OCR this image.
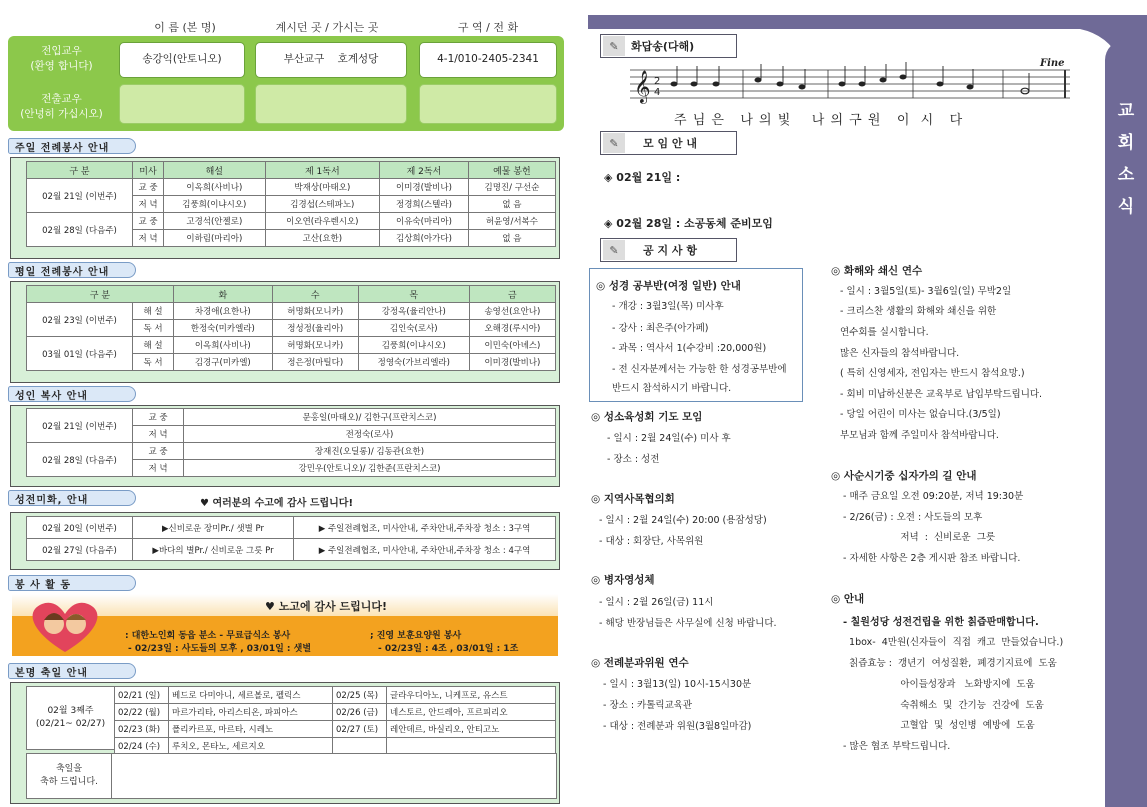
이 름 (본 명)	계시던 곳 / 가시는 곳	구 역 / 전 화
전입교우
(환영 합니다)
송강익(안토니오)	부산교구    호계성당	4-1/010-2405-2341
전출교우
(안녕히 가십시오)
주일 전례봉사 안내
구 분	미사	해설	제 1독서	제 2독서	예물 봉헌
02월 21일 (이번주)	교 중	이옥희(사비나)	박재상(마태오)	이미경(발비나)	김명진/ 구선순
	저 녁	김풍희(이냐시오)	김경섭(스테파노)	정경희(스텔라)	없 음
02월 28일 (다음주)	교 중	고경석(안젤로)	이오연(라우렌시오)	이유숙(마리아)	허윤영/서복수
	저 녁	이하림(마리아)	고산(요한)	김상희(아가다)	없 음
평일 전례봉사 안내
구 분		화	수	목	금
02월 23일 (이번주)	해 설	차경애(요한나)	허명화(모니카)	강정옥(율리안나)	송영선(요안나)
	독 서	한정숙(미카엘라)	정성정(율리아)	김인숙(로사)	오해경(루시아)
03월 01일 (다음주)	해 설	이옥희(사비나)	허명화(모니카)	김풍희(이냐시오)	이민숙(아녜스)
	독 서	김경구(미카엘)	정은정(마틸다)	정영숙(가브리엘라)	이미경(발비나)
성인 복사 안내
02월 21일 (이번주)	교 중	문홍일(마태오)/ 김한구(프란치스코)
	저 녁	전정숙(로사)
02월 28일 (다음주)	교 중	장재진(오딜롱)/ 김동관(요한)
	저 녁	강민우(안토니오)/ 김한준(프란치스코)
성전미화, 안내	♥ 여러분의 수고에 감사 드립니다!
02월 20일 (이번주)	▶신비로운 장미Pr./ 샛별 Pr	▶ 주일전례협조, 미사안내, 주차안내,주차장 청소 : 3구역
02월 27일 (다음주)	▶바다의 별Pr./ 신비로운 그릇 Pr	▶ 주일전례협조, 미사안내, 주차안내,주차장 청소 : 4구역
봉 사 활 동
♥ 노고에 감사 드립니다!
: 대한노인회 동읍 분소 - 무료급식소 봉사	; 진영 보훈요양원 봉사
- 02/23일 : 사도들의 모후 , 03/01일 : 샛별	- 02/23일 : 4조 , 03/01일 : 1조
본명 축일 안내
02월 3째주
(02/21~ 02/27)
02/21 (일)	베드로 다미아니, 세르볼로, 펠릭스	02/25 (목)	글라우디아노, 니케프로, 유스트
02/22 (월)	마르가리타, 아리스티온, 파피아스	02/26 (금)	네스토르, 안드레아, 프르피리오
02/23 (화)	폴리카르포, 마르타, 시레노	02/27 (토)	레안데르, 바실리오, 안티고노
02/24 (수)	루치오, 몬타노, 세르지오		
축일을
축하 드립니다.
교
회
소
식
✎	화답송(다해)
𝄞 2
4
Fine
주 님 은   나 의 빛    나 의 구 원   이  시   다
✎	모 임 안 내
◈ 02월 21일 :
◈ 02월 28일 : 소공동체 준비모임
✎	공 지 사 항
◎ 성경 공부반(여정 일반) 안내
- 개강 : 3월3일(목) 미사후
- 강사 : 최은주(아가페)
- 과목 : 역사서 1(수강비 :20,000원)
- 전 신자분께서는 가능한 한 성경공부반에
반드시 참석하시기 바랍니다.
◎ 성소육성회 기도 모임
- 일시 : 2월 24일(수) 미사 후
- 장소 : 성전
◎ 지역사목협의회
- 일시 : 2월 24일(수) 20:00 (용잠성당)
- 대상 : 회장단, 사목위원
◎ 병자영성체
- 일시 : 2월 26일(금) 11시
- 해당 반장님들은 사무실에 신청 바랍니다.
◎ 전례분과위원 연수
- 일시 : 3월13(일) 10시-15시30분
- 장소 : 카톨릭교육관
- 대상 : 전례분과 위원(3월8일마감)
◎ 화해와 쇄신 연수
- 일시 : 3월5일(토)- 3월6일(일) 무박2일
- 크리스찬 생활의 화해와 쇄신을 위한
연수회를 실시합니다.
많은 신자들의 참석바랍니다.
( 특히 신영세자, 전입자는 반드시 참석요망.)
- 회비 미납하신분은 교육부로 납입부탁드립니다.
- 당일 어린이 미사는 없습니다.(3/5일)
부모님과 함께 주일미사 참석바랍니다.
◎ 사순시기중 십자가의 길 안내
- 매주 금요일 오전 09:20분, 저녁 19:30분
- 2/26(금) : 오전 : 사도들의 모후
저녁  :  신비로운  그릇
- 자세한 사항은 2층 게시판 참조 바랍니다.
◎ 안내
- 칠원성당 성전건립을 위한 칡즙판매합니다.
1box-  4만원(신자들이  직접  캐고  만들었습니다.)
칡즙효능 :  갱년기  여성질환,  폐경기지료에  도움
아이들성장과   노화방지에  도움
숙취해소  및  간기능  건강에  도움
고혈압  및  성인병  예방에  도움
- 많은 협조 부탁드립니다.
